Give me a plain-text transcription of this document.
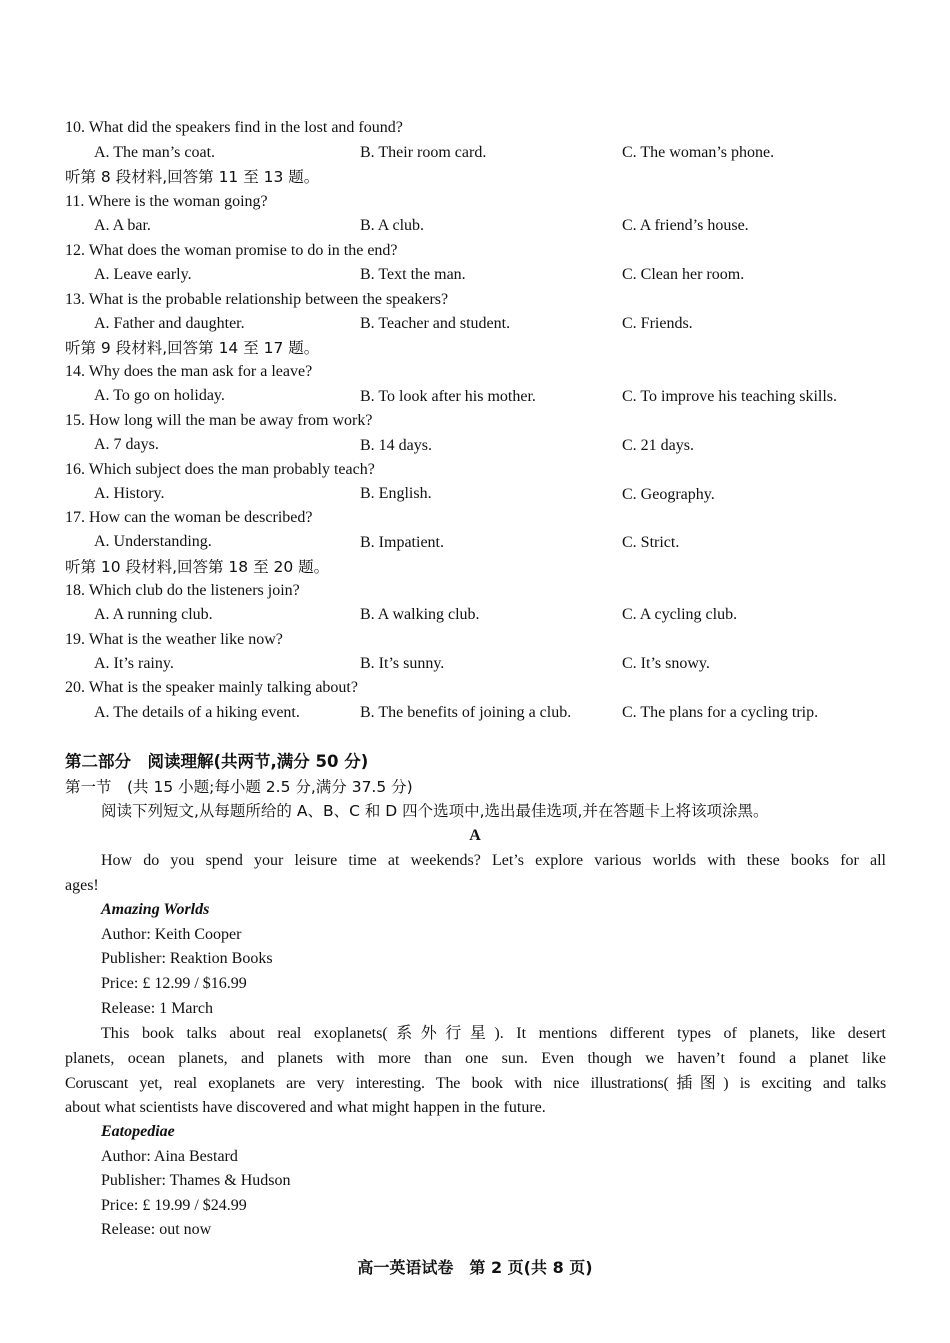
10. What did the speakers find in the lost and found?
A. The man’s coat.	B. Their room card.	C. The woman’s phone.
听第 8 段材料,回答第 11 至 13 题。
11. Where is the woman going?
A. A bar.	B. A club.	C. A friend’s house.
12. What does the woman promise to do in the end?
A. Leave early.	B. Text the man.	C. Clean her room.
13. What is the probable relationship between the speakers?
A. Father and daughter.	B. Teacher and student.	C. Friends.
听第 9 段材料,回答第 14 至 17 题。
14. Why does the man ask for a leave?
A. To go on holiday.	B. To look after his mother.	C. To improve his teaching skills.
15. How long will the man be away from work?
A. 7 days.	B. 14 days.	C. 21 days.
16. Which subject does the man probably teach?
A. History.	B. English.	C. Geography.
17. How can the woman be described?
A. Understanding.	B. Impatient.	C. Strict.
听第 10 段材料,回答第 18 至 20 题。
18. Which club do the listeners join?
A. A running club.	B. A walking club.	C. A cycling club.
19. What is the weather like now?
A. It’s rainy.	B. It’s sunny.	C. It’s snowy.
20. What is the speaker mainly talking about?
A. The details of a hiking event.	B. The benefits of joining a club.	C. The plans for a cycling trip.
第二部分　阅读理解(共两节,满分 50 分)
第一节　(共 15 小题;每小题 2.5 分,满分 37.5 分)
阅读下列短文,从每题所给的 A、B、C 和 D 四个选项中,选出最佳选项,并在答题卡上将该项涂黑。
A
How do you spend your leisure time at weekends? Let’s explore various worlds with these books for all
ages!
Amazing Worlds
Author: Keith Cooper
Publisher: Reaktion Books
Price: £ 12.99 / $16.99
Release: 1 March
This book talks about real exoplanets(系外行星). It mentions different types of planets, like desert
planets, ocean planets, and planets with more than one sun. Even though we haven’t found a planet like
Coruscant yet, real exoplanets are very interesting. The book with nice illustrations(插图) is exciting and talks
about what scientists have discovered and what might happen in the future.
Eatopediae
Author: Aina Bestard
Publisher: Thames & Hudson
Price: £ 19.99 / $24.99
Release: out now
高一英语试卷　第 2 页(共 8 页)
